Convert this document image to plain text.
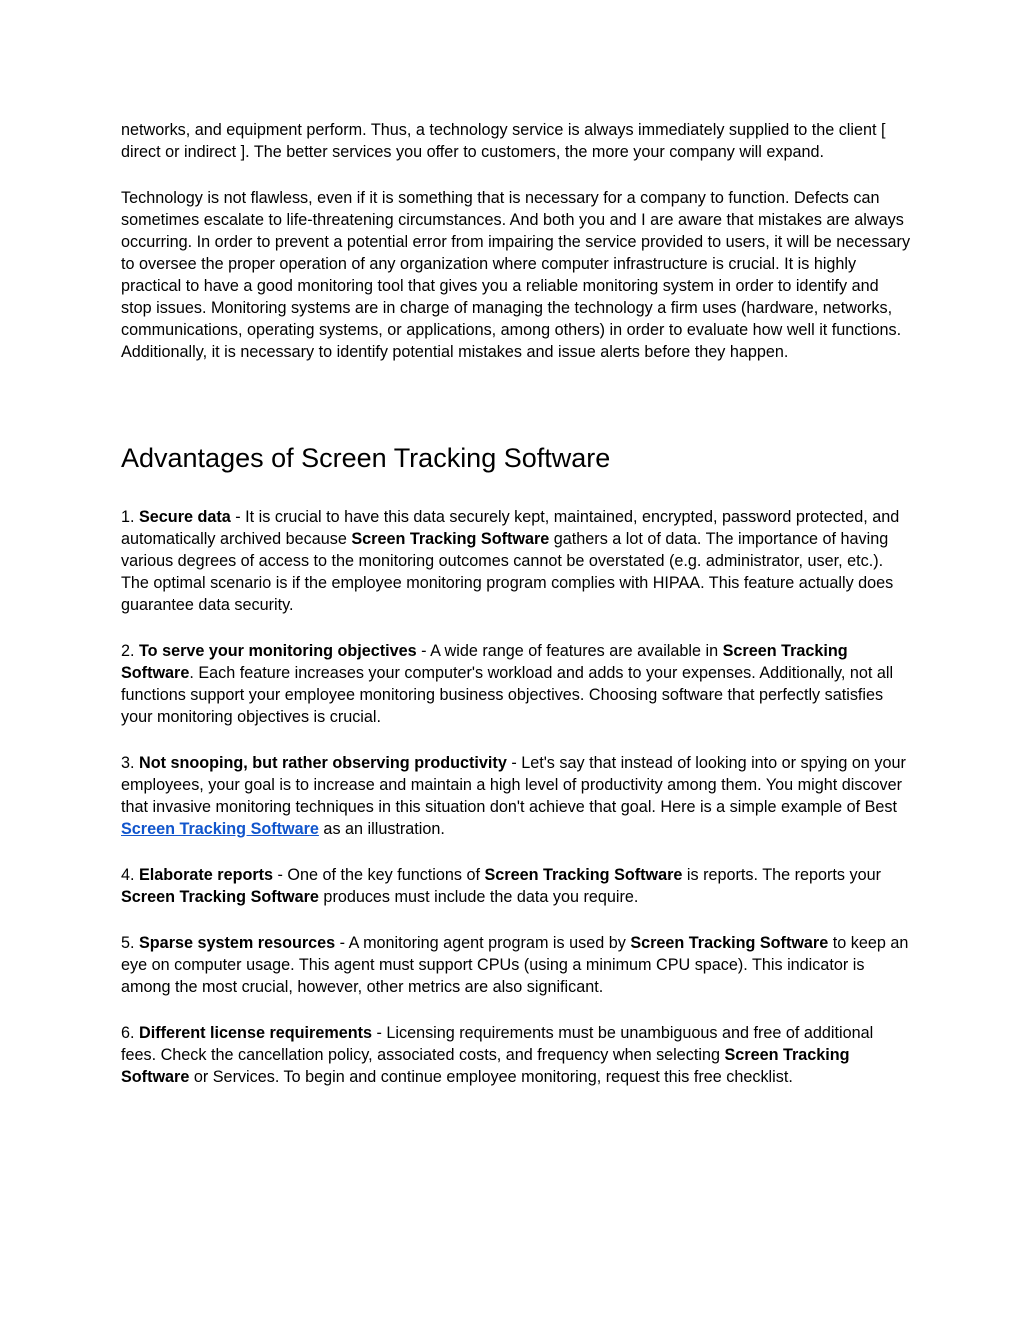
networks, and equipment perform. Thus, a technology service is always immediately supplied to the client [ direct or indirect ]. The better services you offer to customers, the more your company will expand.

Technology is not flawless, even if it is something that is necessary for a company to function. Defects can sometimes escalate to life-threatening circumstances. And both you and I are aware that mistakes are always occurring. In order to prevent a potential error from impairing the service provided to users, it will be necessary to oversee the proper operation of any organization where computer infrastructure is crucial. It is highly practical to have a good monitoring tool that gives you a reliable monitoring system in order to identify and stop issues. Monitoring systems are in charge of managing the technology a firm uses (hardware, networks, communications, operating systems, or applications, among others) in order to evaluate how well it functions. Additionally, it is necessary to identify potential mistakes and issue alerts before they happen.

Advantages of Screen Tracking Software

1. Secure data - It is crucial to have this data securely kept, maintained, encrypted, password protected, and automatically archived because Screen Tracking Software gathers a lot of data. The importance of having various degrees of access to the monitoring outcomes cannot be overstated (e.g. administrator, user, etc.). The optimal scenario is if the employee monitoring program complies with HIPAA. This feature actually does guarantee data security.

2. To serve your monitoring objectives - A wide range of features are available in Screen Tracking Software. Each feature increases your computer's workload and adds to your expenses. Additionally, not all functions support your employee monitoring business objectives. Choosing software that perfectly satisfies your monitoring objectives is crucial.

3. Not snooping, but rather observing productivity - Let's say that instead of looking into or spying on your employees, your goal is to increase and maintain a high level of productivity among them. You might discover that invasive monitoring techniques in this situation don't achieve that goal. Here is a simple example of Best Screen Tracking Software as an illustration.

4. Elaborate reports - One of the key functions of Screen Tracking Software is reports. The reports your Screen Tracking Software produces must include the data you require.

5. Sparse system resources - A monitoring agent program is used by Screen Tracking Software to keep an eye on computer usage. This agent must support CPUs (using a minimum CPU space). This indicator is among the most crucial, however, other metrics are also significant.

6. Different license requirements - Licensing requirements must be unambiguous and free of additional fees. Check the cancellation policy, associated costs, and frequency when selecting Screen Tracking Software or Services. To begin and continue employee monitoring, request this free checklist.
